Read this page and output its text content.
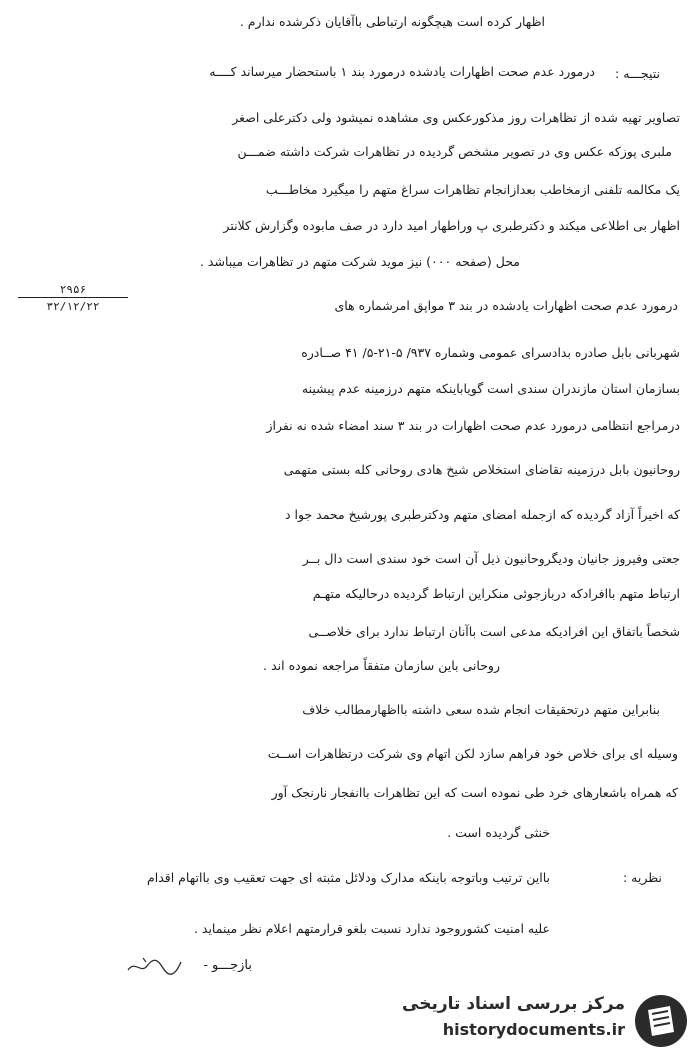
نتیجـــه :
نظریه :
۲۹۵۶
۳۲/۱۲/۲۲
اظهار کرده است هیچگونه ارتباطی باآقایان ذکرشده ندارم .
درمورد عدم صحت اظهارات یادشده درمورد بند ۱ باستحضار میرساند کــــه
تصاویر تهیه شده از تظاهرات روز مذکورعکس وی مشاهده نمیشود ولی دکترعلی اصغر
ملبری پوزکه عکس وی در تصویر مشخص گردیده در تظاهرات شرکت داشته ضمـــن
یک مکالمه تلفنی ازمخاطب بعدازانجام تظاهرات سراغ متهم را میگیرد مخاطـــب
اظهار بی اطلاعی میکند و دکترطبری پ وراطهار امید دارد در صف مابوده وگزارش کلانتر
محل (صفحه ۰۰۰) نیز موید شرکت متهم در تظاهرات میباشد .
درمورد عدم صحت اظهارات یادشده در بند ۳ مواپق امرشماره های
شهربانی بابل صادره بدادسرای عمومی وشماره ۹۳۷/ ۵-۲۱-۵/ ۴۱ صــادره
بسازمان استان مازندران سندی است گویاباینکه متهم درزمینه عدم پیشینه
درمراجع انتظامی درمورد عدم صحت اظهارات در بند ۳ سند امضاء شده نه نفراز
روحانیون بابل درزمینه تقاضای استخلاص شیخ هادی روحانی کله بستی متهمی
که اخیراً آزاد گردیده که ازجمله امضای متهم ودکترطبری پورشیخ محمد جوا د
جعتی وفیروز جانیان ودیگروحانیون ذیل آن است خود سندی است دال بــر
ارتباط متهم باافرادکه دربازجوئی منکراین ارتباط گردیده درحالیکه متهـم
شخصاً باتفاق این افرادیکه مدعی است باآنان ارتباط ندارد برای خلاصــی
روحانی باین سازمان متفقاً مراجعه نموده اند .
بنابراین متهم درتحقیقات انجام شده سعی داشته بااظهارمطالب خلاف
وسیله ای برای خلاص خود فراهم سازد لکن اتهام وی شرکت درتظاهرات اســت
که همراه باشعارهای خرد طی نموده است که این تظاهرات باانفجار نارنجک آور
خنثی گردیده است .
بااین ترتیب وباتوجه باینکه مدارک ودلائل مثبته ای جهت تعقیب وی بااتهام اقدام
علیه امنیت کشوروجود ندارد نسبت بلغو قرارمتهم اعلام نظر مینماید .
بازجـــو -
مرکز بررسی اسناد تاریخی
historydocuments.ir
